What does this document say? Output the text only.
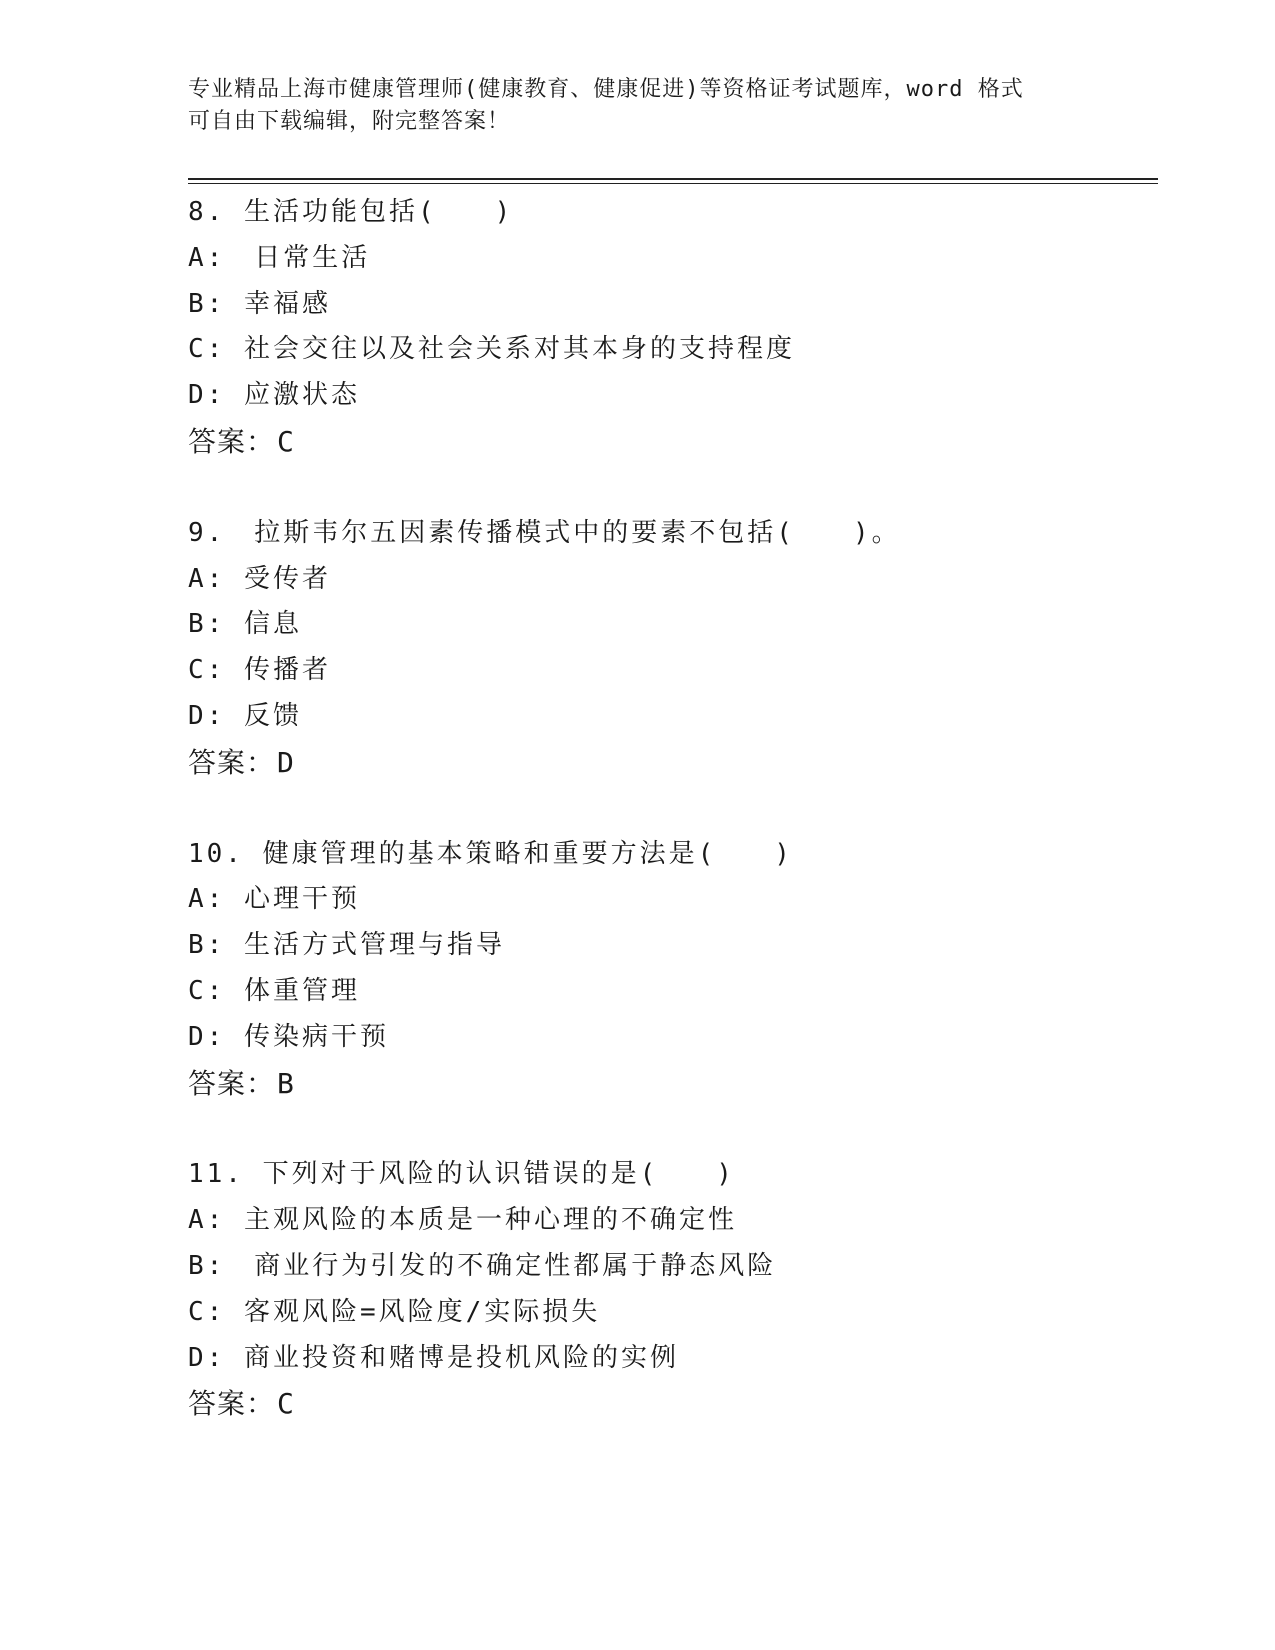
专业精品上海市健康管理师(健康教育、健康促进)等资格证考试题库，word 格式
可自由下载编辑，附完整答案！
8. 生活功能包括(　　)
A:　日常生活
B: 幸福感
C: 社会交往以及社会关系对其本身的支持程度
D: 应激状态
答案：C
9.　拉斯韦尔五因素传播模式中的要素不包括(　　)。
A: 受传者
B: 信息
C: 传播者
D: 反馈
答案：D
10. 健康管理的基本策略和重要方法是(　　)
A: 心理干预
B: 生活方式管理与指导
C: 体重管理
D: 传染病干预
答案：B
11. 下列对于风险的认识错误的是(　　)
A: 主观风险的本质是一种心理的不确定性
B:　商业行为引发的不确定性都属于静态风险
C: 客观风险=风险度/实际损失
D: 商业投资和赌博是投机风险的实例
答案：C
